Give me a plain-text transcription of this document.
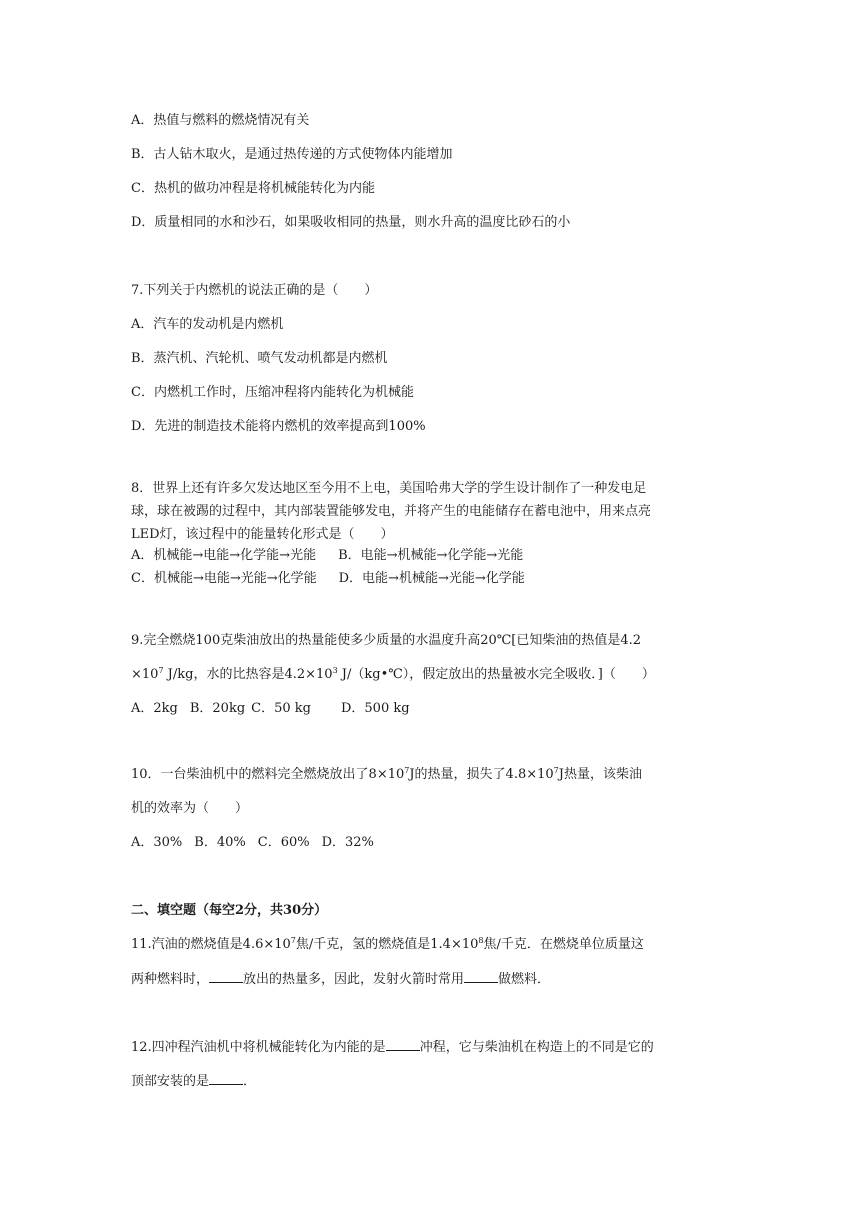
A．热值与燃料的燃烧情况有关
B．古人钻木取火，是通过热传递的方式使物体内能增加
C．热机的做功冲程是将机械能转化为内能
D．质量相同的水和沙石，如果吸收相同的热量，则水升高的温度比砂石的小
7.下列关于内燃机的说法正确的是（　　）
A．汽车的发动机是内燃机
B．蒸汽机、汽轮机、喷气发动机都是内燃机
C．内燃机工作时，压缩冲程将内能转化为机械能
D．先进的制造技术能将内燃机的效率提高到100%
8．世界上还有许多欠发达地区至今用不上电，美国哈弗大学的学生设计制作了一种发电足
球，球在被踢的过程中，其内部装置能够发电，并将产生的电能储存在蓄电池中，用来点亮
LED灯，该过程中的能量转化形式是（　　）
A．机械能→电能→化学能→光能 B．电能→机械能→化学能→光能
C．机械能→电能→光能→化学能 D．电能→机械能→光能→化学能
9.完全燃烧100克柴油放出的热量能使多少质量的水温度升高20℃[已知柴油的热值是4.2
$\times 10^7$ J/kg，水的比热容是$4.2\times 10^3$ J/（kg•℃），假定放出的热量被水完全吸收．]（　　）
A．2kg B．20kg C．50 kg D．500 kg
10．一台柴油机中的燃料完全燃烧放出了$8\times 10^7J$的热量，损失了$4.8\times 10^7J$热量，该柴油
机的效率为（　　）
A．30% B．40% C．60% D．32%
二、填空题（每空2分，共30分）
11.汽油的燃烧值是$4.6\times 10^7$焦/千克，氢的燃烧值是$1.4\times 10^8$焦/千克．在燃烧单位质量这
两种燃料时，	放出的热量多，因此，发射火箭时常用	做燃料．
12.四冲程汽油机中将机械能转化为内能的是	冲程，它与柴油机在构造上的不同是它的
顶部安装的是	．
